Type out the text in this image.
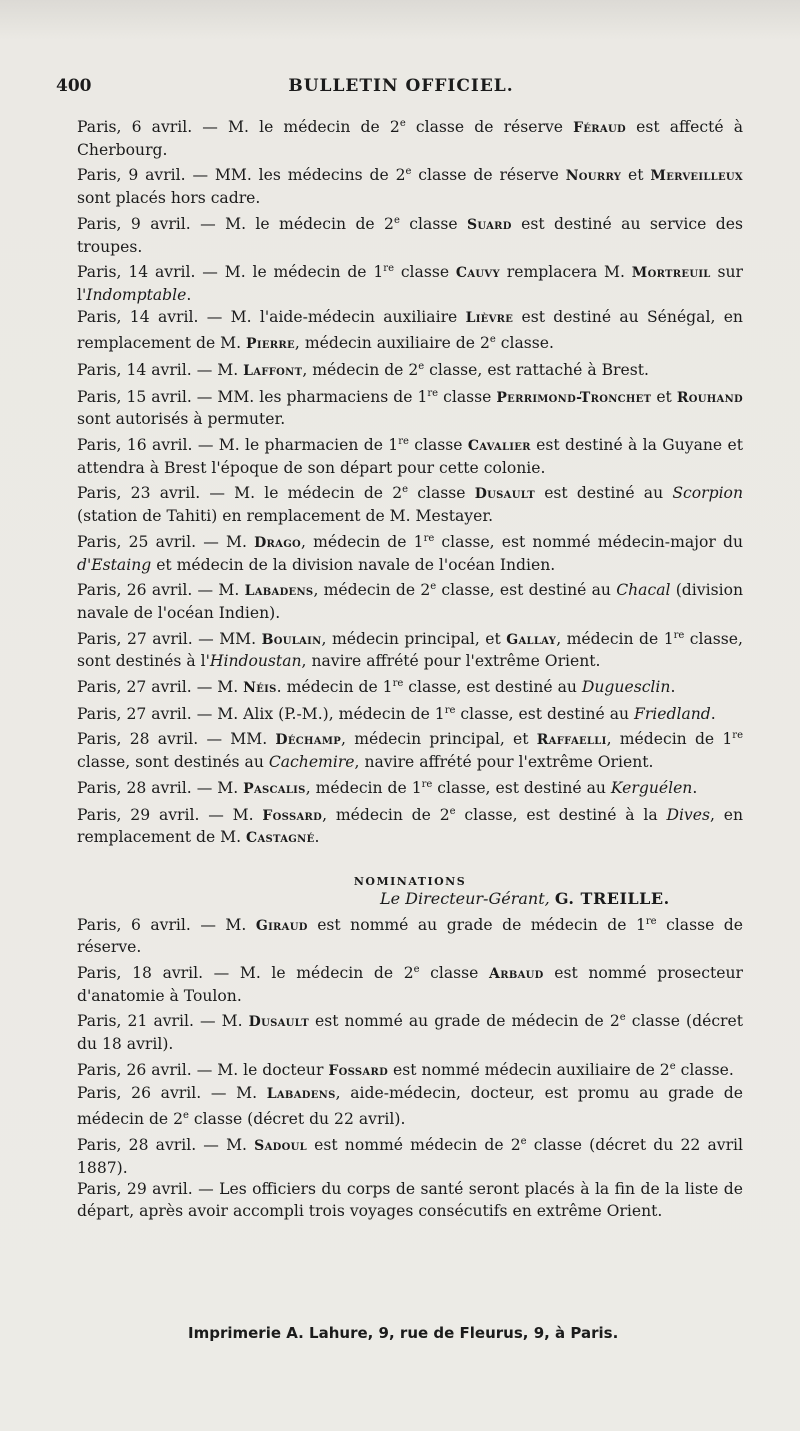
400	BULLETIN OFFICIEL.

Paris, 6 avril. — M. le médecin de 2e classe de réserve Féraud est affecté à Cherbourg.

Paris, 9 avril. — MM. les médecins de 2e classe de réserve Nourry et Merveilleux sont placés hors cadre.

Paris, 9 avril. — M. le médecin de 2e classe Suard est destiné au service des troupes.

Paris, 14 avril. — M. le médecin de 1re classe Cauvy remplacera M. Mortreuil sur l'Indomptable.

Paris, 14 avril. — M. l'aide-médecin auxiliaire Lièvre est destiné au Sénégal, en remplacement de M. Pierre, médecin auxiliaire de 2e classe.

Paris, 14 avril. — M. Laffont, médecin de 2e classe, est rattaché à Brest.

Paris, 15 avril. — MM. les pharmaciens de 1re classe Perrimond-Tronchet et Rouhand sont autorisés à permuter.

Paris, 16 avril. — M. le pharmacien de 1re classe Cavalier est destiné à la Guyane et attendra à Brest l'époque de son départ pour cette colonie.

Paris, 23 avril. — M. le médecin de 2e classe Dusault est destiné au Scorpion (station de Tahiti) en remplacement de M. Mestayer.

Paris, 25 avril. — M. Drago, médecin de 1re classe, est nommé médecin-major du d'Estaing et médecin de la division navale de l'océan Indien.

Paris, 26 avril. — M. Labadens, médecin de 2e classe, est destiné au Chacal (division navale de l'océan Indien).

Paris, 27 avril. — MM. Boulain, médecin principal, et Gallay, médecin de 1re classe, sont destinés à l'Hindoustan, navire affrété pour l'extrême Orient.

Paris, 27 avril. — M. Néis. médecin de 1re classe, est destiné au Duguesclin.

Paris, 27 avril. — M. Alix (P.-M.), médecin de 1re classe, est destiné au Friedland.

Paris, 28 avril. — MM. Déchamp, médecin principal, et Raffaelli, médecin de 1re classe, sont destinés au Cachemire, navire affrété pour l'extrême Orient.

Paris, 28 avril. — M. Pascalis, médecin de 1re classe, est destiné au Kerguélen.

Paris, 29 avril. — M. Fossard, médecin de 2e classe, est destiné à la Dives, en remplacement de M. Castagné.

NOMINATIONS

Paris, 6 avril. — M. Giraud est nommé au grade de médecin de 1re classe de réserve.

Paris, 18 avril. — M. le médecin de 2e classe Arbaud est nommé prosecteur d'anatomie à Toulon.

Paris, 21 avril. — M. Dusault est nommé au grade de médecin de 2e classe (décret du 18 avril).

Paris, 26 avril. — M. le docteur Fossard est nommé médecin auxiliaire de 2e classe.

Paris, 26 avril. — M. Labadens, aide-médecin, docteur, est promu au grade de médecin de 2e classe (décret du 22 avril).

Paris, 28 avril. — M. Sadoul est nommé médecin de 2e classe (décret du 22 avril 1887).

Paris, 29 avril. — Les officiers du corps de santé seront placés à la fin de la liste de départ, après avoir accompli trois voyages consécutifs en extrême Orient.

Le Directeur-Gérant, G. TREILLE.
Imprimerie A. Lahure, 9, rue de Fleurus, 9, à Paris.
